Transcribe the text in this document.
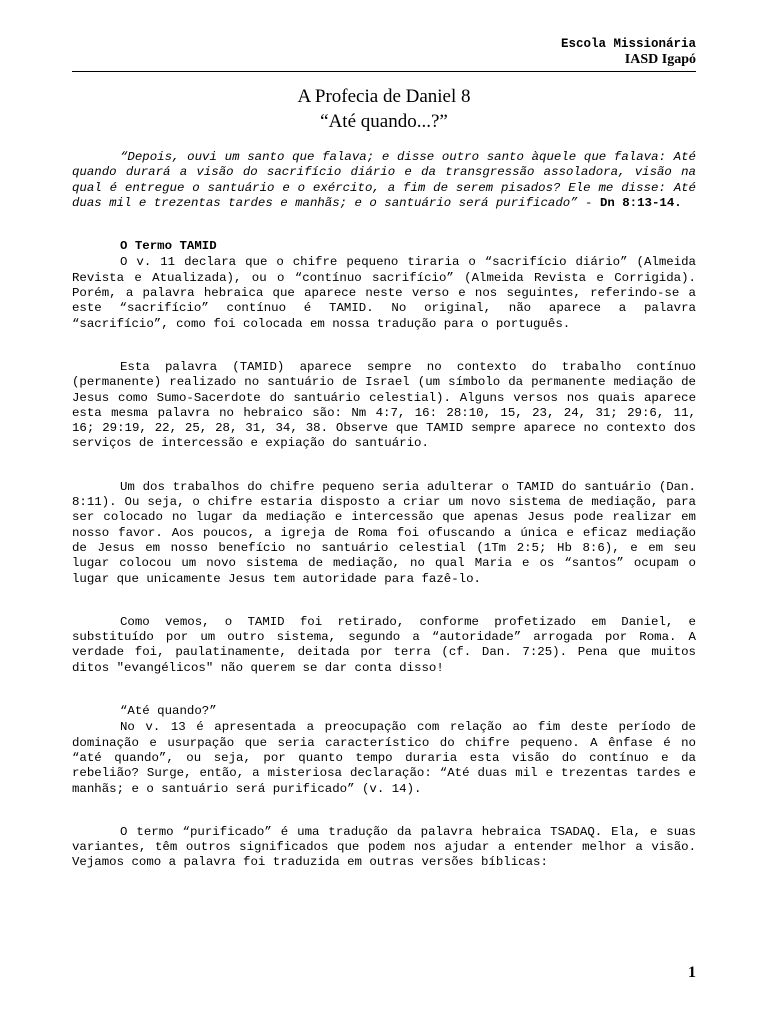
Escola Missionária
IASD Igapó
A Profecia de Daniel 8
“Até quando...?”

“Depois, ouvi um santo que falava; e disse outro santo àquele que falava: Até quando durará a visão do sacrifício diário e da transgressão assoladora, visão na qual é entregue o santuário e o exército, a fim de serem pisados? Ele me disse: Até duas mil e trezentas tardes e manhãs; e o santuário será purificado” - Dn 8:13-14.

O Termo TAMID

O v. 11 declara que o chifre pequeno tiraria o “sacrifício diário” (Almeida Revista e Atualizada), ou o “contínuo sacrifício” (Almeida Revista e Corrigida). Porém, a palavra hebraica que aparece neste verso e nos seguintes, referindo-se a este “sacrifício” contínuo é TAMID. No original, não aparece a palavra “sacrifício”, como foi colocada em nossa tradução para o português.

Esta palavra (TAMID) aparece sempre no contexto do trabalho contínuo (permanente) realizado no santuário de Israel (um símbolo da permanente mediação de Jesus como Sumo-Sacerdote do santuário celestial). Alguns versos nos quais aparece esta mesma palavra no hebraico são: Nm 4:7, 16: 28:10, 15, 23, 24, 31; 29:6, 11, 16; 29:19, 22, 25, 28, 31, 34, 38. Observe que TAMID sempre aparece no contexto dos serviços de intercessão e expiação do santuário.

Um dos trabalhos do chifre pequeno seria adulterar o TAMID do santuário (Dan. 8:11). Ou seja, o chifre estaria disposto a criar um novo sistema de mediação, para ser colocado no lugar da mediação e intercessão que apenas Jesus pode realizar em nosso favor. Aos poucos, a igreja de Roma foi ofuscando a única e eficaz mediação de Jesus em nosso benefício no santuário celestial (1Tm 2:5; Hb 8:6), e em seu lugar colocou um novo sistema de mediação, no qual Maria e os “santos” ocupam o lugar que unicamente Jesus tem autoridade para fazê-lo.

Como vemos, o TAMID foi retirado, conforme profetizado em Daniel, e substituído por um outro sistema, segundo a “autoridade” arrogada por Roma. A verdade foi, paulatinamente, deitada por terra (cf. Dan. 7:25). Pena que muitos ditos "evangélicos" não querem se dar conta disso!

“Até quando?”

No v. 13 é apresentada a preocupação com relação ao fim deste período de dominação e usurpação que seria característico do chifre pequeno. A ênfase é no “até quando”, ou seja, por quanto tempo duraria esta visão do contínuo e da rebelião? Surge, então, a misteriosa declaração: “Até duas mil e trezentas tardes e manhãs; e o santuário será purificado” (v. 14).

O termo “purificado” é uma tradução da palavra hebraica TSADAQ. Ela, e suas variantes, têm outros significados que podem nos ajudar a entender melhor a visão. Vejamos como a palavra foi traduzida em outras versões bíblicas:

1
